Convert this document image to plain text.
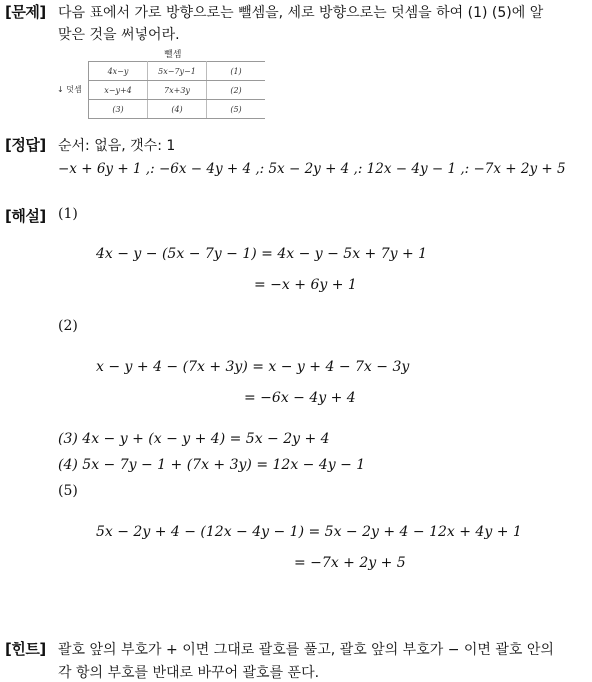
[문제] 다음 표에서 가로 방향으로는 뺄셈을, 세로 방향으로는 덧셈을 하여 (1) (5)에 알
맞은 것을 써넣어라.
뺄셈
↓ 덧셈
4x−y	5x−7y−1	(1)
x−y+4	7x+3y	(2)
(3)	(4)	(5)
[정답] 순서: 없음, 갯수: 1
−x + 6y + 1 ,: −6x − 4y + 4 ,: 5x − 2y + 4 ,: 12x − 4y − 1 ,: −7x + 2y + 5
[해설] (1)
4x − y − (5x − 7y − 1) = 4x − y − 5x + 7y + 1
= −x + 6y + 1
(2)
x − y + 4 − (7x + 3y) = x − y + 4 − 7x − 3y
= −6x − 4y + 4
(3) 4x − y + (x − y + 4) = 5x − 2y + 4
(4) 5x − 7y − 1 + (7x + 3y) = 12x − 4y − 1
(5)
5x − 2y + 4 − (12x − 4y − 1) = 5x − 2y + 4 − 12x + 4y + 1
= −7x + 2y + 5
[힌트] 괄호 앞의 부호가 + 이면 그대로 괄호를 풀고, 괄호 앞의 부호가 − 이면 괄호 안의
각 항의 부호를 반대로 바꾸어 괄호를 푼다.
